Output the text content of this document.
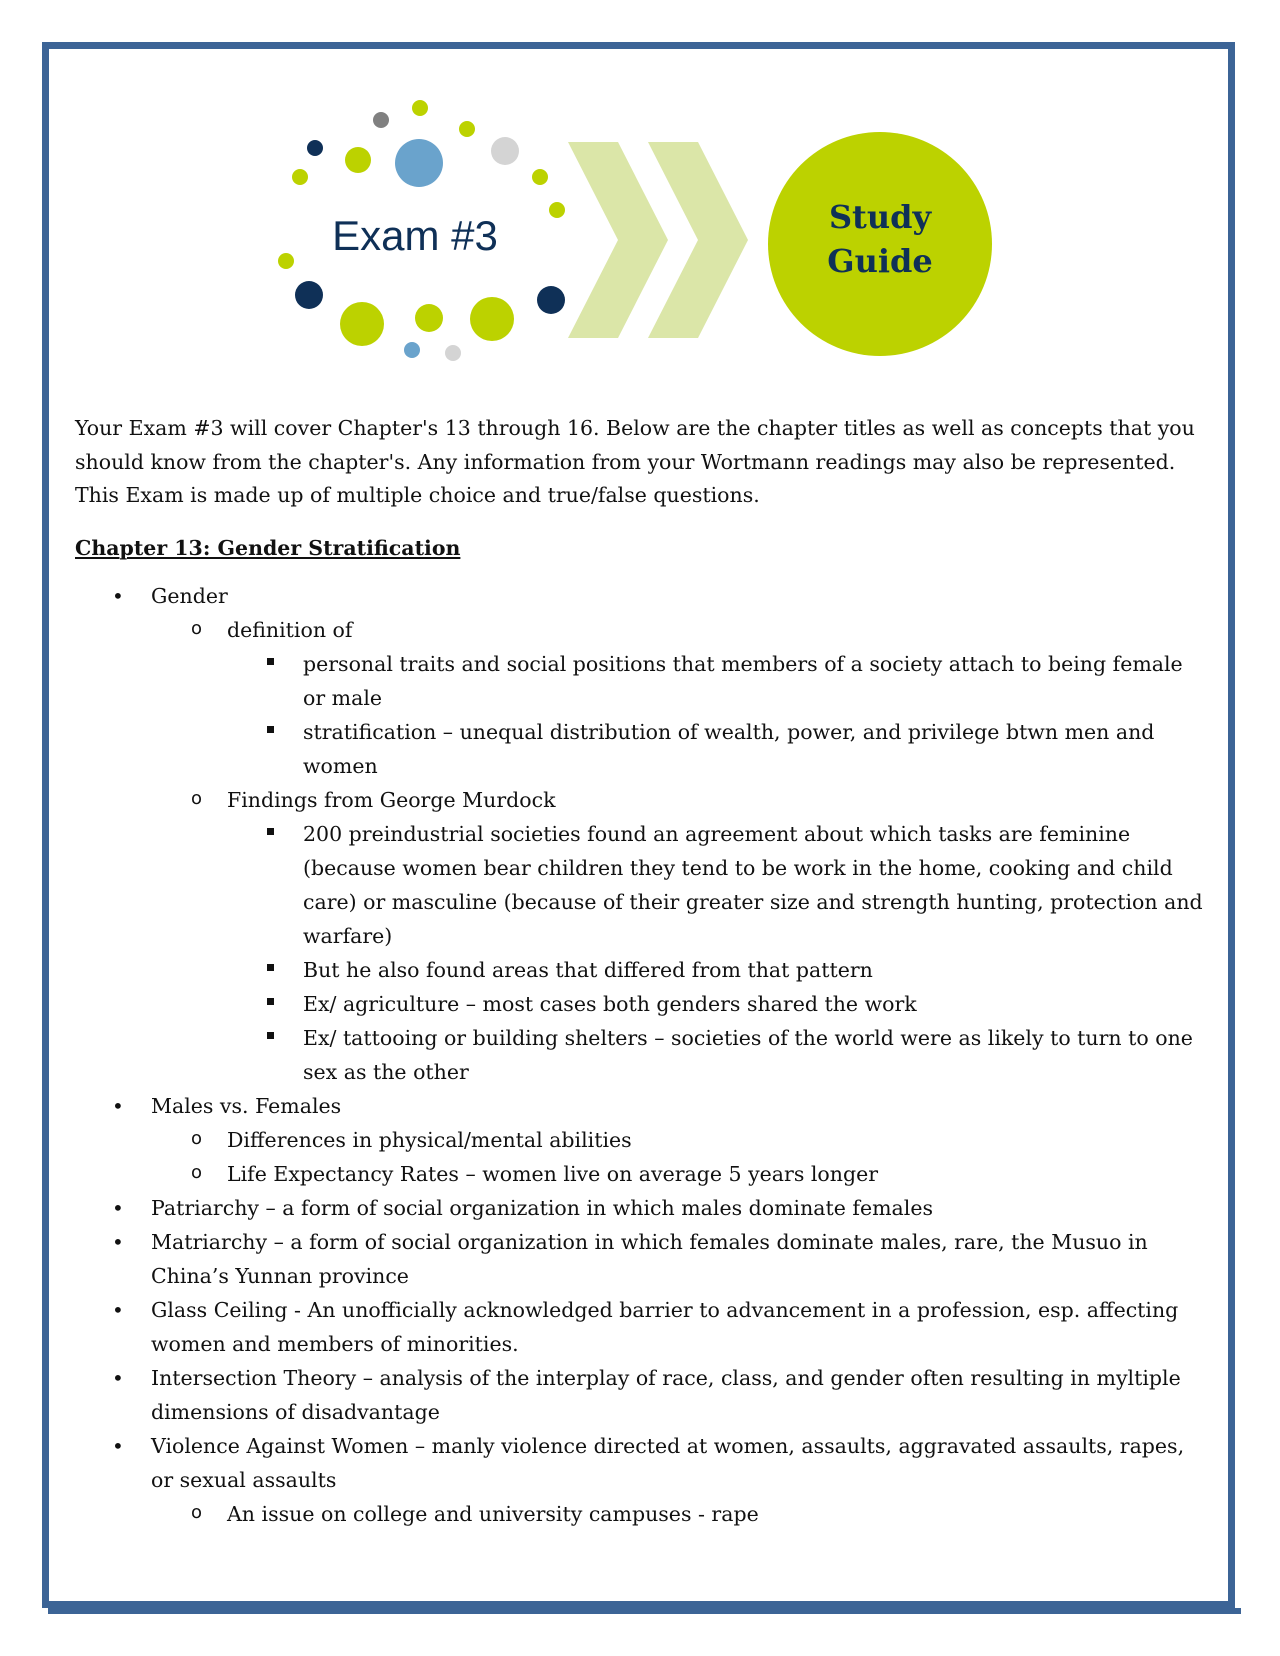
Exam #3	Study
Guide

Your Exam #3 will cover Chapter's 13 through 16. Below are the chapter titles as well as concepts that you should know from the chapter's. Any information from your Wortmann readings may also be represented. This Exam is made up of multiple choice and true/false questions.

Chapter 13: Gender Stratification

• Gender
o definition of
personal traits and social positions that members of a society attach to being female or male
stratification – unequal distribution of wealth, power, and privilege btwn men and women
o Findings from George Murdock
200 preindustrial societies found an agreement about which tasks are feminine (because women bear children they tend to be work in the home, cooking and child care) or masculine (because of their greater size and strength hunting, protection and warfare)
But he also found areas that differed from that pattern
Ex/ agriculture – most cases both genders shared the work
Ex/ tattooing or building shelters – societies of the world were as likely to turn to one sex as the other
• Males vs. Females
o Differences in physical/mental abilities
o Life Expectancy Rates – women live on average 5 years longer
• Patriarchy – a form of social organization in which males dominate females
• Matriarchy – a form of social organization in which females dominate males, rare, the Musuo in China’s Yunnan province
• Glass Ceiling - An unofficially acknowledged barrier to advancement in a profession, esp. affecting women and members of minorities.
• Intersection Theory – analysis of the interplay of race, class, and gender often resulting in myltiple dimensions of disadvantage
• Violence Against Women – manly violence directed at women, assaults, aggravated assaults, rapes, or sexual assaults
o An issue on college and university campuses - rape
